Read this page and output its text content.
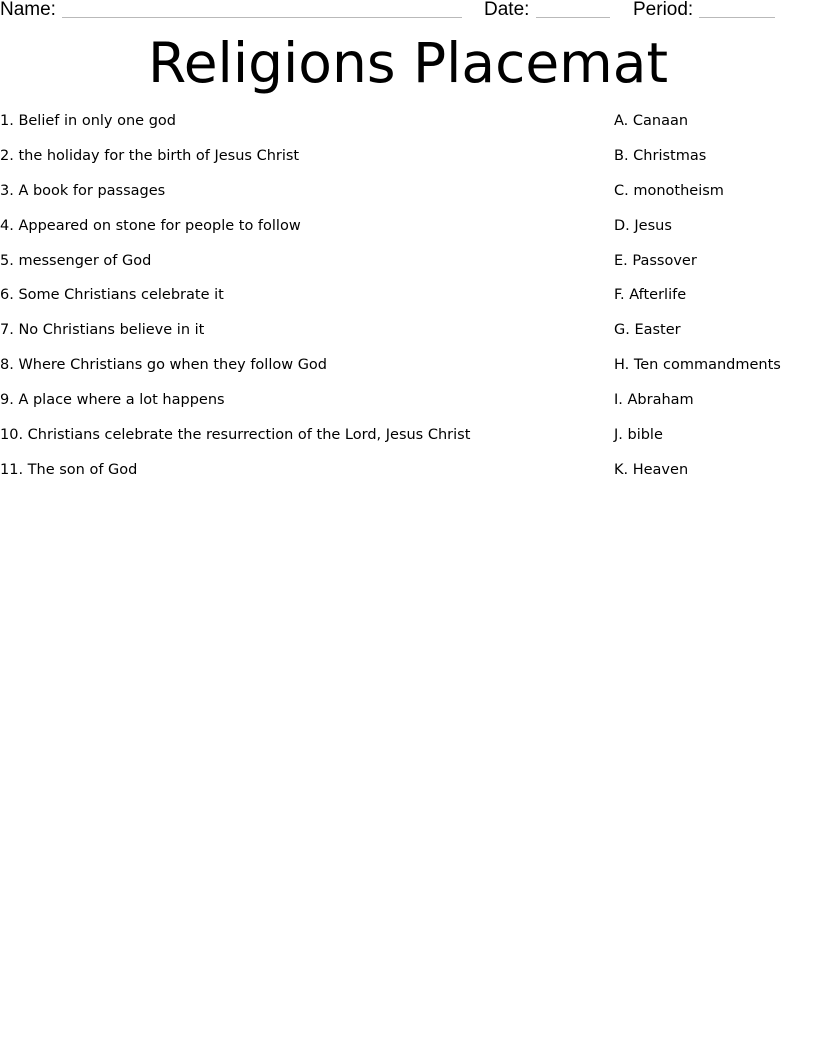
Name:	Date:	Period:
Religions Placemat
1. Belief in only one god
2. the holiday for the birth of Jesus Christ
3. A book for passages
4. Appeared on stone for people to follow
5. messenger of God
6. Some Christians celebrate it
7. No Christians believe in it
8. Where Christians go when they follow God
9. A place where a lot happens
10. Christians celebrate the resurrection of the Lord, Jesus Christ
11. The son of God
A. Canaan
B. Christmas
C. monotheism
D. Jesus
E. Passover
F. Afterlife
G. Easter
H. Ten commandments
I. Abraham
J. bible
K. Heaven
